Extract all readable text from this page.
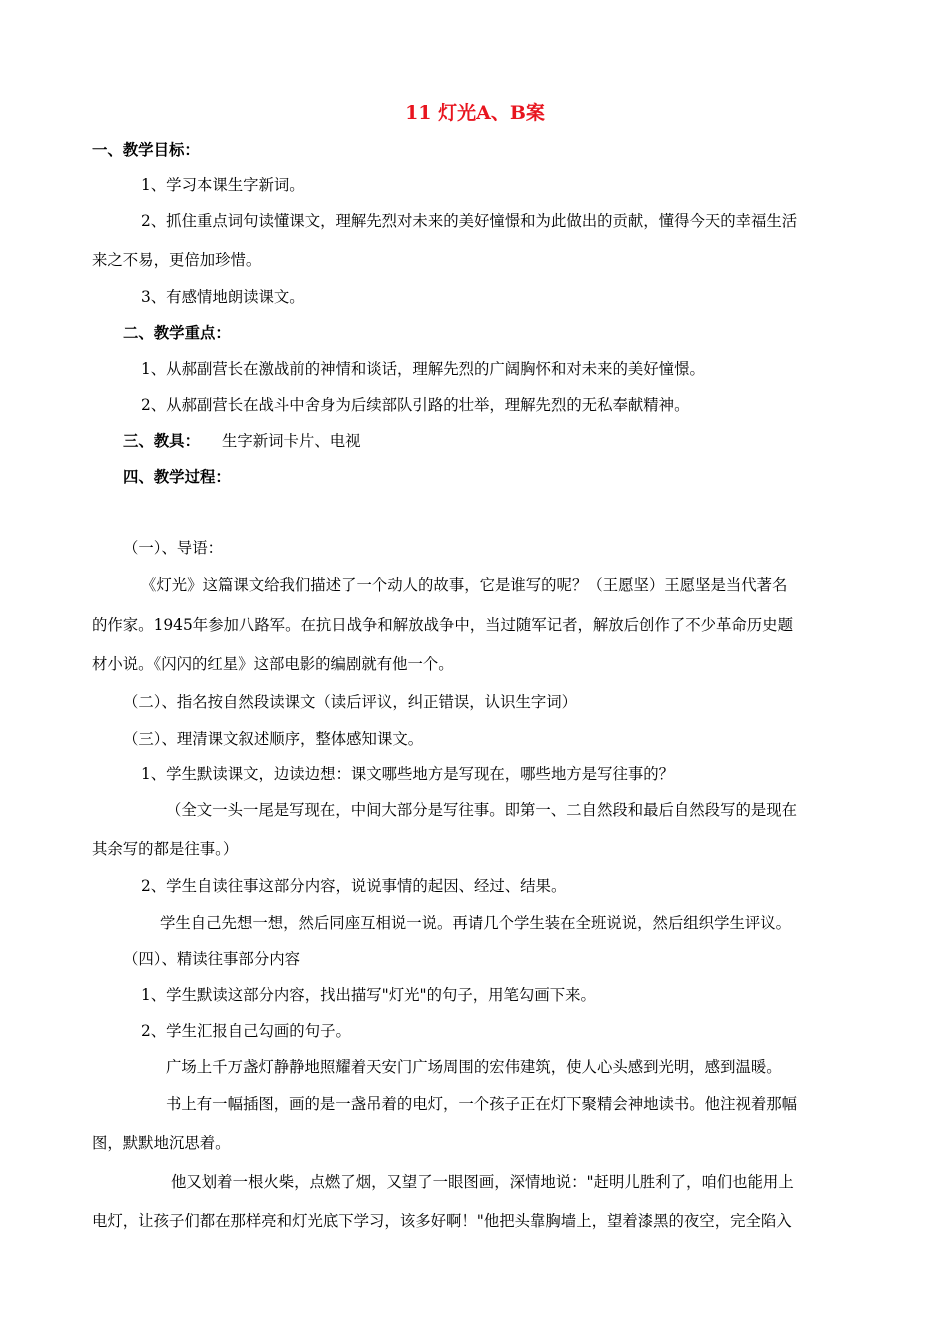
11 灯光A、B案
一、教学目标：
1、学习本课生字新词。
2、抓住重点词句读懂课文，理解先烈对未来的美好憧憬和为此做出的贡献，懂得今天的幸福生活
来之不易，更倍加珍惜。
3、有感情地朗读课文。
二、教学重点：
1、从郝副营长在激战前的神情和谈话，理解先烈的广阔胸怀和对未来的美好憧憬。
2、从郝副营长在战斗中舍身为后续部队引路的壮举，理解先烈的无私奉献精神。
三、教具： 生字新词卡片、电视
四、教学过程：
（一）、导语：
《灯光》这篇课文给我们描述了一个动人的故事，它是谁写的呢？（王愿坚）王愿坚是当代著名
的作家。1945年参加八路军。在抗日战争和解放战争中，当过随军记者，解放后创作了不少革命历史题
材小说。《闪闪的红星》这部电影的编剧就有他一个。
（二）、指名按自然段读课文（读后评议，纠正错误，认识生字词）
（三）、理清课文叙述顺序，整体感知课文。
1、学生默读课文，边读边想：课文哪些地方是写现在，哪些地方是写往事的？
（全文一头一尾是写现在，中间大部分是写往事。即第一、二自然段和最后自然段写的是现在
其余写的都是往事。）
2、学生自读往事这部分内容，说说事情的起因、经过、结果。
学生自己先想一想，然后同座互相说一说。再请几个学生装在全班说说，然后组织学生评议。
（四）、精读往事部分内容
1、学生默读这部分内容，找出描写"灯光"的句子，用笔勾画下来。
2、学生汇报自己勾画的句子。
广场上千万盏灯静静地照耀着天安门广场周围的宏伟建筑，使人心头感到光明，感到温暖。
书上有一幅插图，画的是一盏吊着的电灯，一个孩子正在灯下聚精会神地读书。他注视着那幅
图，默默地沉思着。
他又划着一根火柴，点燃了烟，又望了一眼图画，深情地说："赶明儿胜利了，咱们也能用上
电灯，让孩子们都在那样亮和灯光底下学习，该多好啊！"他把头靠胸墙上，望着漆黑的夜空，完全陷入
